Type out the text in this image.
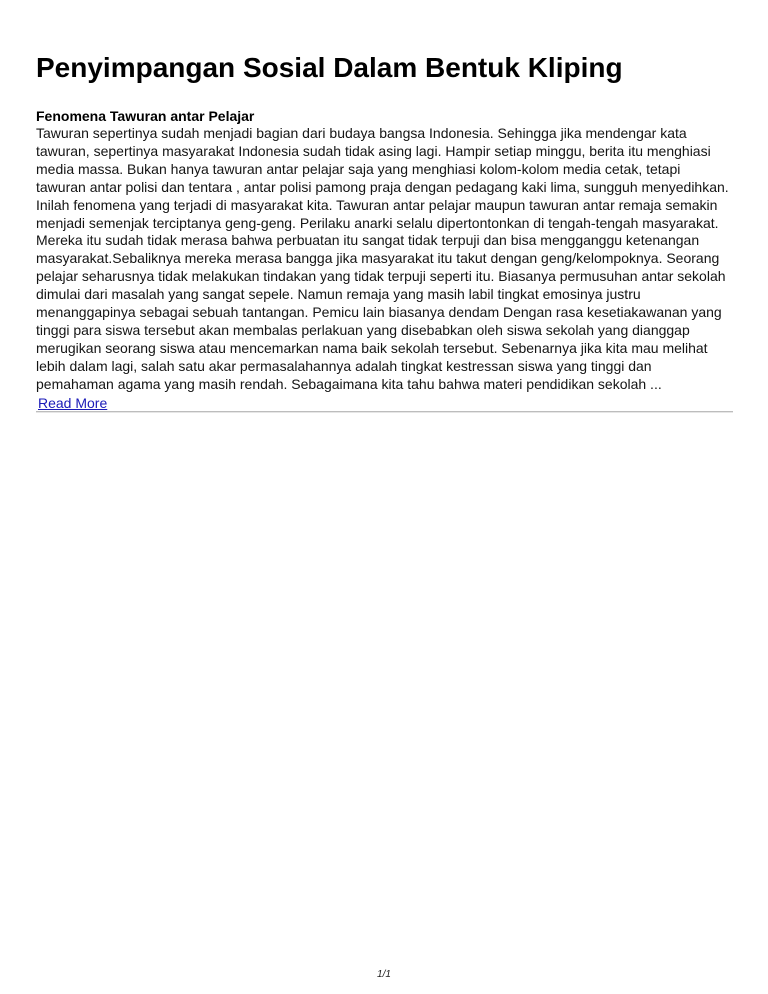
Penyimpangan Sosial Dalam Bentuk Kliping

Fenomena Tawuran antar Pelajar

Tawuran sepertinya sudah menjadi bagian dari budaya bangsa Indonesia. Sehingga jika mendengar kata tawuran, sepertinya masyarakat Indonesia sudah tidak asing lagi. Hampir setiap minggu, berita itu menghiasi media massa. Bukan hanya tawuran antar pelajar saja yang menghiasi kolom-kolom media cetak, tetapi tawuran antar polisi dan tentara , antar polisi pamong praja dengan pedagang kaki lima, sungguh menyedihkan. Inilah fenomena yang terjadi di masyarakat kita. Tawuran antar pelajar maupun tawuran antar remaja semakin menjadi semenjak terciptanya geng-geng. Perilaku anarki selalu dipertontonkan di tengah-tengah masyarakat. Mereka itu sudah tidak merasa bahwa perbuatan itu sangat tidak terpuji dan bisa mengganggu ketenangan masyarakat.Sebaliknya mereka merasa bangga jika masyarakat itu takut dengan geng/kelompoknya. Seorang pelajar seharusnya tidak melakukan tindakan yang tidak terpuji seperti itu. Biasanya permusuhan antar sekolah dimulai dari masalah yang sangat sepele. Namun remaja yang masih labil tingkat emosinya justru menanggapinya sebagai sebuah tantangan. Pemicu lain biasanya dendam Dengan rasa kesetiakawanan yang tinggi para siswa tersebut akan membalas perlakuan yang disebabkan oleh siswa sekolah yang dianggap merugikan seorang siswa atau mencemarkan nama baik sekolah tersebut. Sebenarnya jika kita mau melihat lebih dalam lagi, salah satu akar permasalahannya adalah tingkat kestressan siswa yang tinggi dan pemahaman agama yang masih rendah. Sebagaimana kita tahu bahwa materi pendidikan sekolah ...

Read More
1/1
